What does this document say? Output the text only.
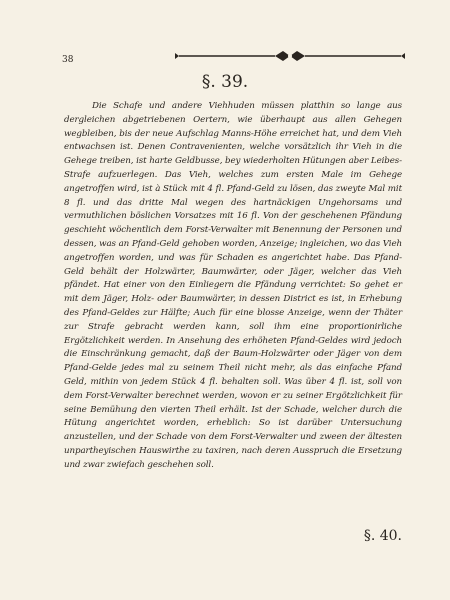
38
§. 39.

Die Schafe und andere Viehhuden müssen platthin so lange aus dergleichen abgetriebenen Oertern, wie überhaupt aus allen Gehegen wegbleiben, bis der neue Aufschlag Manns-Höhe erreichet hat, und dem Vieh entwachsen ist. Denen Contravenienten, welche vorsätzlich ihr Vieh in die Gehege treiben, ist harte Geldbusse, bey wiederholten Hütungen aber Leibes-Strafe aufzuerlegen. Das Vieh, welches zum ersten Male im Gehege angetroffen wird, ist à Stück mit 4 fl. Pfand-Geld zu lösen, das zweyte Mal mit 8 fl. und das dritte Mal wegen des hartnäckigen Ungehorsams und vermuthlichen böslichen Vorsatzes mit 16 fl. Von der geschehenen Pfändung geschieht wöchentlich dem Forst-Verwalter mit Benennung der Personen und dessen, was an Pfand-Geld gehoben worden, Anzeige; ingleichen, wo das Vieh angetroffen worden, und was für Schaden es angerichtet habe. Das Pfand-Geld behält der Holzwärter, Baumwärter, oder Jäger, welcher das Vieh pfändet. Hat einer von den Einliegern die Pfändung verrichtet: So gehet er mit dem Jäger, Holz- oder Baumwärter, in dessen District es ist, in Erhebung des Pfand-Geldes zur Hälfte; Auch für eine blosse Anzeige, wenn der Thäter zur Strafe gebracht werden kann, soll ihm eine proportionirliche Ergötzlichkeit werden. In Ansehung des erhöheten Pfand-Geldes wird jedoch die Einschränkung gemacht, daß der Baum-Holzwärter oder Jäger von dem Pfand-Gelde jedes mal zu seinem Theil nicht mehr, als das einfache Pfand Geld, mithin von jedem Stück 4 fl. behalten soll. Was über 4 fl. ist, soll von dem Forst-Verwalter berechnet werden, wovon er zu seiner Ergötzlichkeit für seine Bemühung den vierten Theil erhält. Ist der Schade, welcher durch die Hütung angerichtet worden, erheblich: So ist darüber Untersuchung anzustellen, und der Schade von dem Forst-Verwalter und zween der ältesten unpartheyischen Hauswirthe zu taxiren, nach deren Ausspruch die Ersetzung und zwar zwiefach geschehen soll.

§. 40.
